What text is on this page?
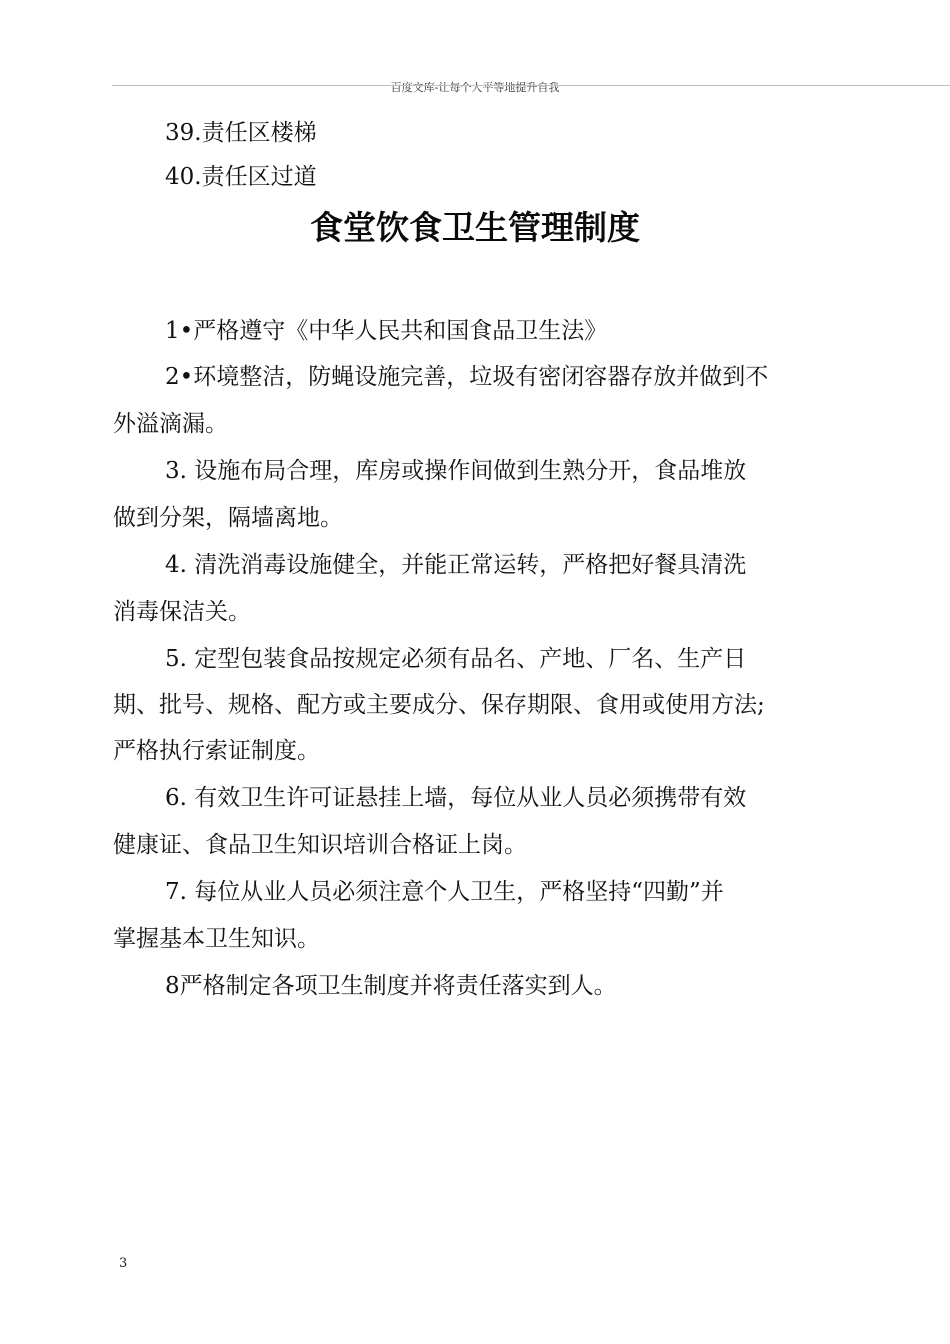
百度文库-让每个人平等地提升自我
39.责任区楼梯
40.责任区过道
食堂饮食卫生管理制度
1•严格遵守《中华人民共和国食品卫生法》
2•环境整洁，防蝇设施完善，垃圾有密闭容器存放并做到不
外溢滴漏。
3. 设施布局合理，库房或操作间做到生熟分开，食品堆放
做到分架，隔墙离地。
4. 清洗消毒设施健全，并能正常运转，严格把好餐具清洗
消毒保洁关。
5. 定型包装食品按规定必须有品名、产地、厂名、生产日
期、批号、规格、配方或主要成分、保存期限、食用或使用方法;
严格执行索证制度。
6. 有效卫生许可证悬挂上墙，每位从业人员必须携带有效
健康证、食品卫生知识培训合格证上岗。
7. 每位从业人员必须注意个人卫生，严格坚持“四勤”并
掌握基本卫生知识。
8严格制定各项卫生制度并将责任落实到人。
3
